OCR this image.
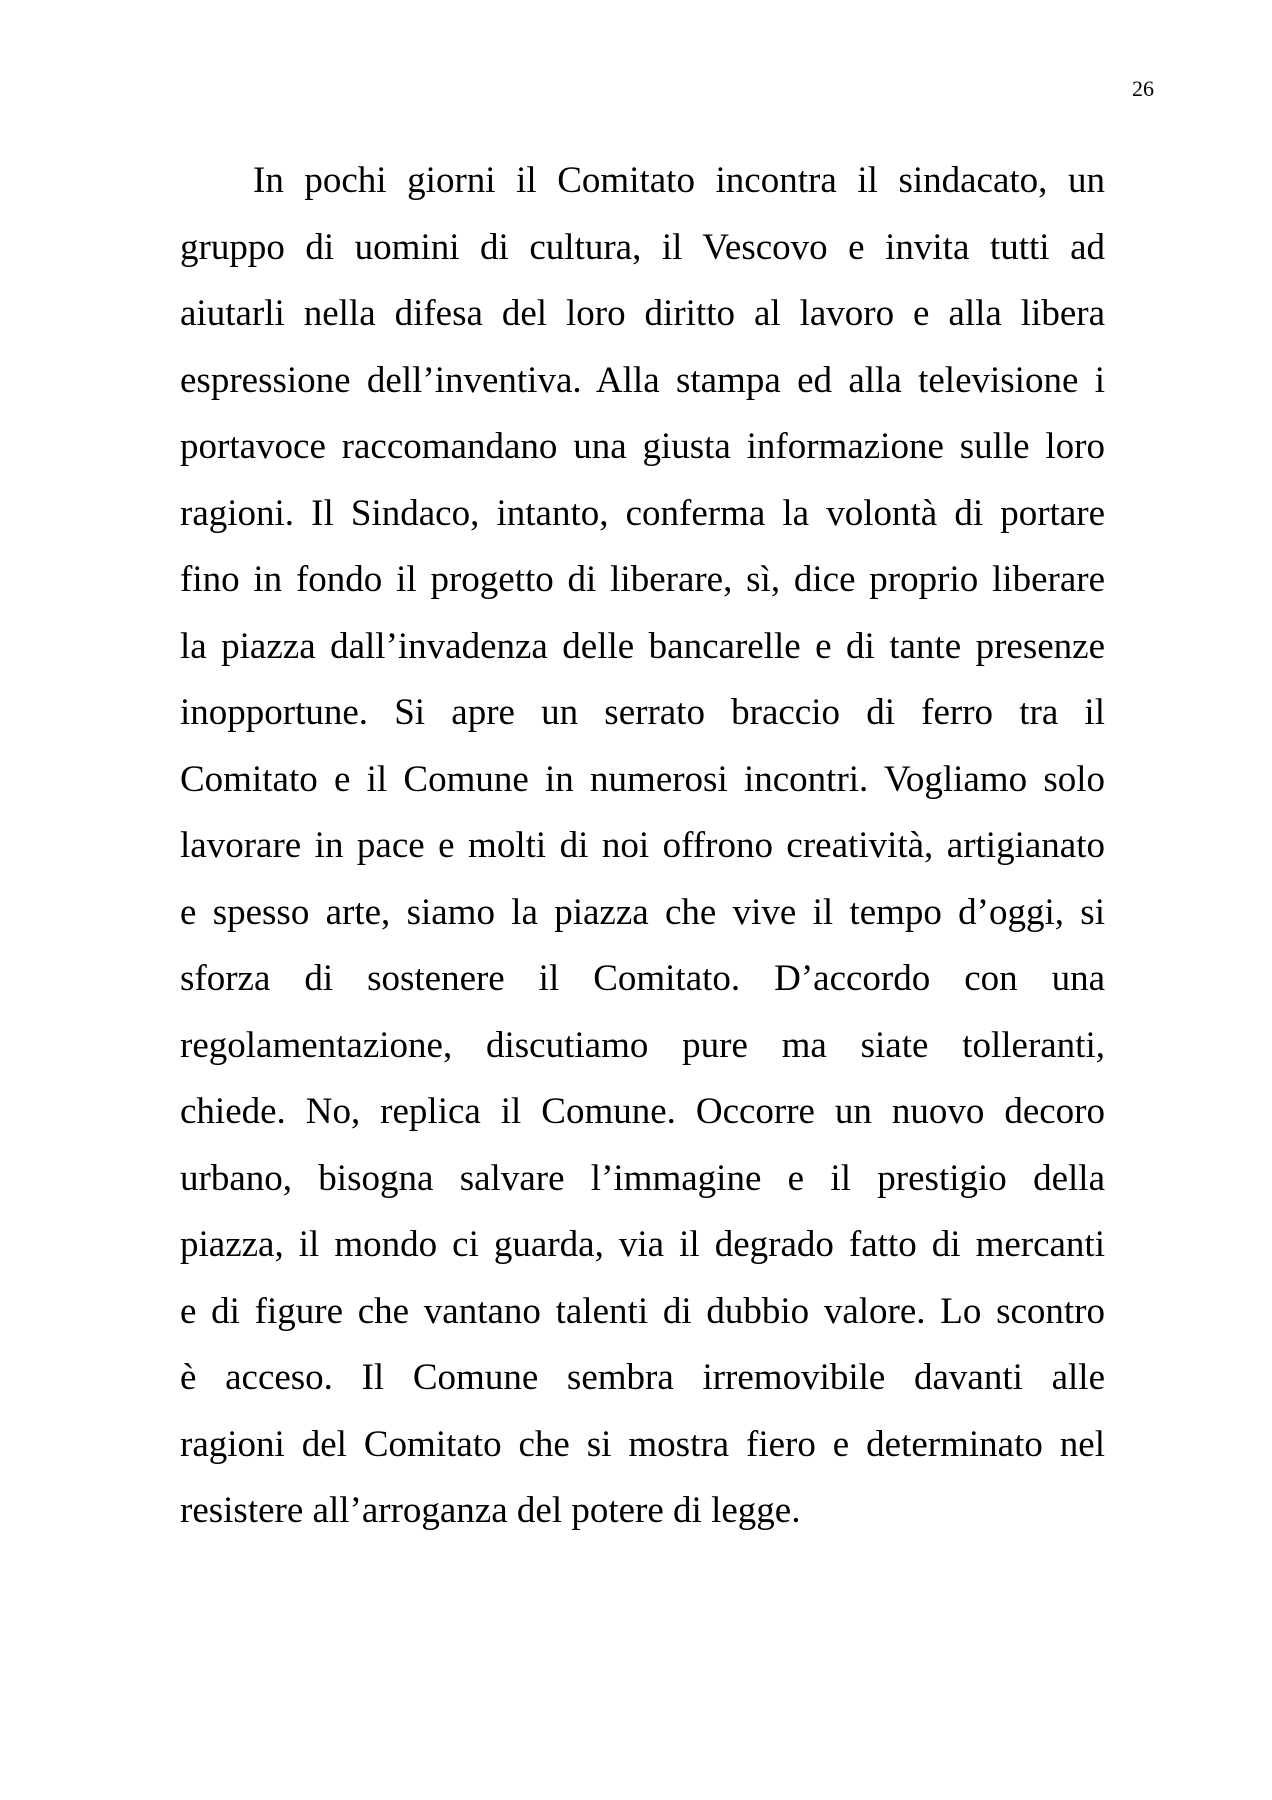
26

In pochi giorni il Comitato incontra il sindacato, un
gruppo di uomini di cultura, il Vescovo e invita tutti ad
aiutarli nella difesa del loro diritto al lavoro e alla libera
espressione dell’inventiva. Alla stampa ed alla televisione i
portavoce raccomandano una giusta informazione sulle loro
ragioni. Il Sindaco, intanto, conferma la volontà di portare
fino in fondo il progetto di liberare, sì, dice proprio liberare
la piazza dall’invadenza delle bancarelle e di tante presenze
inopportune. Si apre un serrato braccio di ferro tra il
Comitato e il Comune in numerosi incontri. Vogliamo solo
lavorare in pace e molti di noi offrono creatività, artigianato
e spesso arte, siamo la piazza che vive il tempo d’oggi, si
sforza di sostenere il Comitato. D’accordo con una
regolamentazione, discutiamo pure ma siate tolleranti,
chiede. No, replica il Comune. Occorre un nuovo decoro
urbano, bisogna salvare l’immagine e il prestigio della
piazza, il mondo ci guarda, via il degrado fatto di mercanti
e di figure che vantano talenti di dubbio valore. Lo scontro
è acceso. Il Comune sembra irremovibile davanti alle
ragioni del Comitato che si mostra fiero e determinato nel
resistere all’arroganza del potere di legge.
